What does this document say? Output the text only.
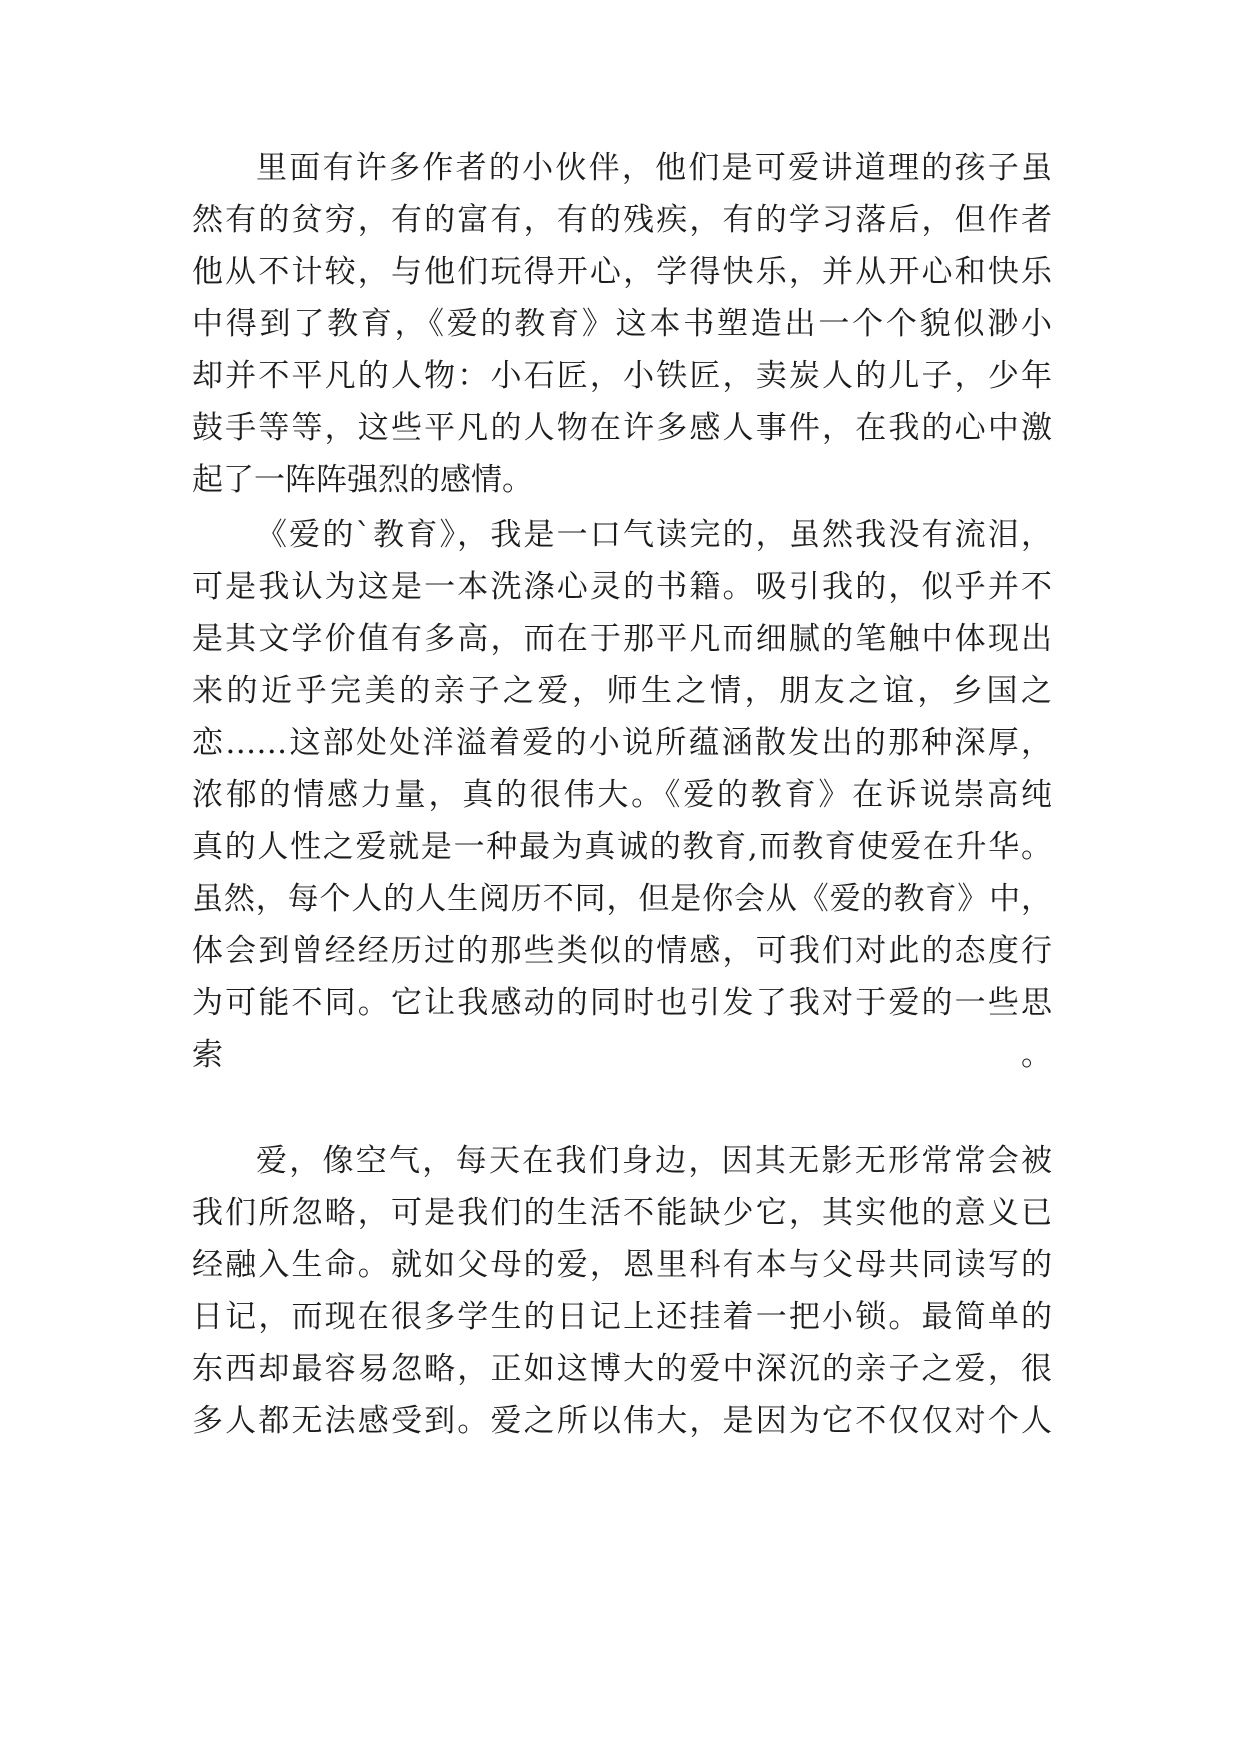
里面有许多作者的小伙伴，他们是可爱讲道理的孩子虽
然有的贫穷，有的富有，有的残疾，有的学习落后，但作者
他从不计较，与他们玩得开心，学得快乐，并从开心和快乐
中得到了教育，《爱的教育》这本书塑造出一个个貌似渺小
却并不平凡的人物：小石匠，小铁匠，卖炭人的儿子，少年
鼓手等等，这些平凡的人物在许多感人事件，在我的心中激
起了一阵阵强烈的感情。
《爱的`教育》，我是一口气读完的，虽然我没有流泪，
可是我认为这是一本洗涤心灵的书籍。吸引我的，似乎并不
是其文学价值有多高，而在于那平凡而细腻的笔触中体现出
来的近乎完美的亲子之爱，师生之情，朋友之谊，乡国之
恋……这部处处洋溢着爱的小说所蕴涵散发出的那种深厚，
浓郁的情感力量，真的很伟大。《爱的教育》在诉说崇高纯
真的人性之爱就是一种最为真诚的教育,而教育使爱在升华。
虽然，每个人的人生阅历不同，但是你会从《爱的教育》中，
体会到曾经经历过的那些类似的情感，可我们对此的态度行
为可能不同。它让我感动的同时也引发了我对于爱的一些思
索。
爱，像空气，每天在我们身边，因其无影无形常常会被
我们所忽略，可是我们的生活不能缺少它，其实他的意义已
经融入生命。就如父母的爱，恩里科有本与父母共同读写的
日记，而现在很多学生的日记上还挂着一把小锁。最简单的
东西却最容易忽略，正如这博大的爱中深沉的亲子之爱，很
多人都无法感受到。爱之所以伟大，是因为它不仅仅对个人
